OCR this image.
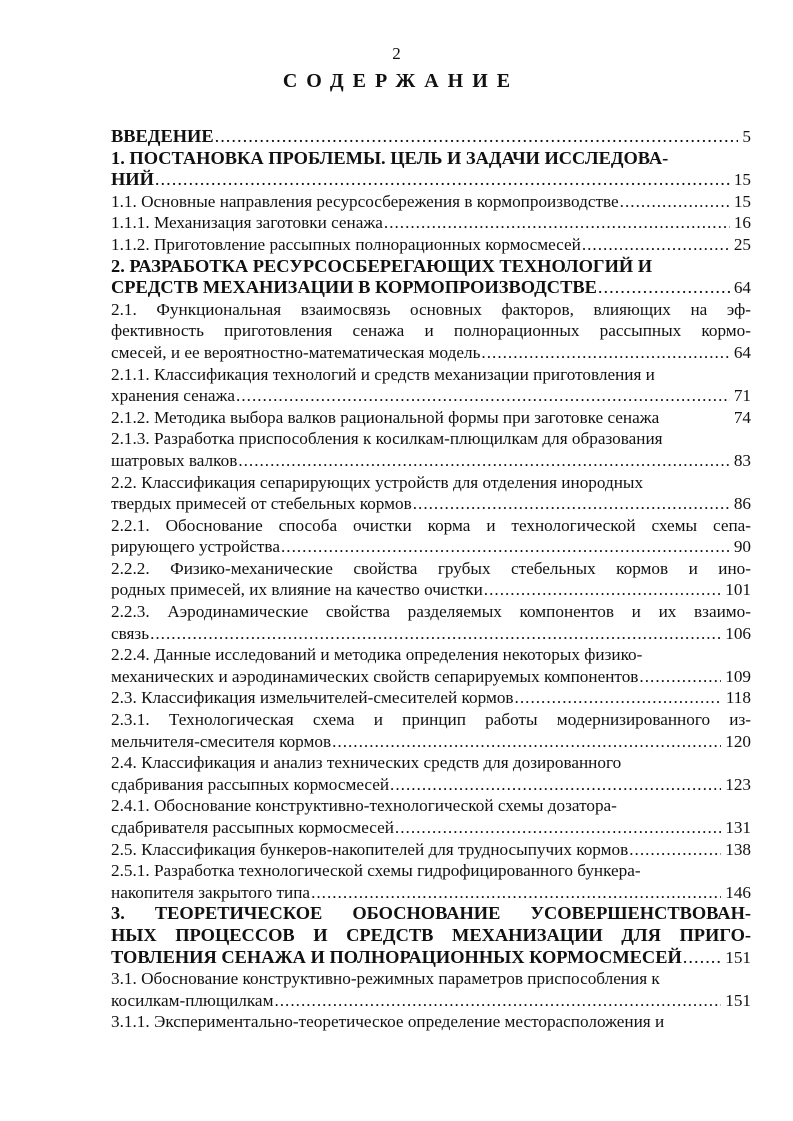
2
СОДЕРЖАНИЕ
ВВЕДЕНИЕ .....	5
1. ПОСТАНОВКА ПРОБЛЕМЫ. ЦЕЛЬ И ЗАДАЧИ ИССЛЕДОВА-
НИЙ .....	15
1.1. Основные направления ресурсосбережения в кормопроизводстве .....	15
1.1.1. Механизация заготовки сенажа .....	16
1.1.2. Приготовление рассыпных полнорационных кормосмесей .....	25
2. РАЗРАБОТКА РЕСУРСОСБЕРЕГАЮЩИХ ТЕХНОЛОГИЙ И
СРЕДСТВ МЕХАНИЗАЦИИ В КОРМОПРОИЗВОДСТВЕ .....	64
2.1. Функциональная взаимосвязь основных факторов, влияющих на эф-
фективность приготовления сенажа и полнорационных рассыпных кормо-
смесей, и ее вероятностно-математическая модель .....	64
2.1.1. Классификация технологий и средств механизации приготовления и
хранения сенажа .....	71
2.1.2. Методика выбора валков рациональной формы при заготовке сенажа	74
2.1.3. Разработка приспособления к косилкам-плющилкам для образования
шатровых валков .....	83
2.2. Классификация сепарирующих устройств для отделения инородных
твердых примесей от стебельных кормов .....	86
2.2.1. Обоснование способа очистки корма и технологической схемы сепа-
рирующего устройства .....	90
2.2.2. Физико-механические свойства грубых стебельных кормов и ино-
родных примесей, их влияние на качество очистки .....	101
2.2.3. Аэродинамические свойства разделяемых компонентов и их взаимо-
связь .....	106
2.2.4. Данные исследований и методика определения некоторых физико-
механических и аэродинамических свойств сепарируемых компонентов .....	109
2.3. Классификация измельчителей-смесителей кормов .....	118
2.3.1. Технологическая схема и принцип работы модернизированного из-
мельчителя-смесителя кормов .....	120
2.4. Классификация и анализ технических средств для дозированного
сдабривания рассыпных кормосмесей .....	123
2.4.1. Обоснование конструктивно-технологической схемы дозатора-
сдабривателя рассыпных кормосмесей .....	131
2.5. Классификация бункеров-накопителей для трудносыпучих кормов .....	138
2.5.1. Разработка технологической схемы гидрофицированного бункера-
накопителя закрытого типа .....	146
3. ТЕОРЕТИЧЕСКОЕ ОБОСНОВАНИЕ УСОВЕРШЕНСТВОВАН-
НЫХ ПРОЦЕССОВ И СРЕДСТВ МЕХАНИЗАЦИИ ДЛЯ ПРИГО-
ТОВЛЕНИЯ СЕНАЖА И ПОЛНОРАЦИОННЫХ КОРМОСМЕСЕЙ .....	151
3.1. Обоснование конструктивно-режимных параметров приспособления к
косилкам-плющилкам .....	151
3.1.1. Экспериментально-теоретическое определение месторасположения и
